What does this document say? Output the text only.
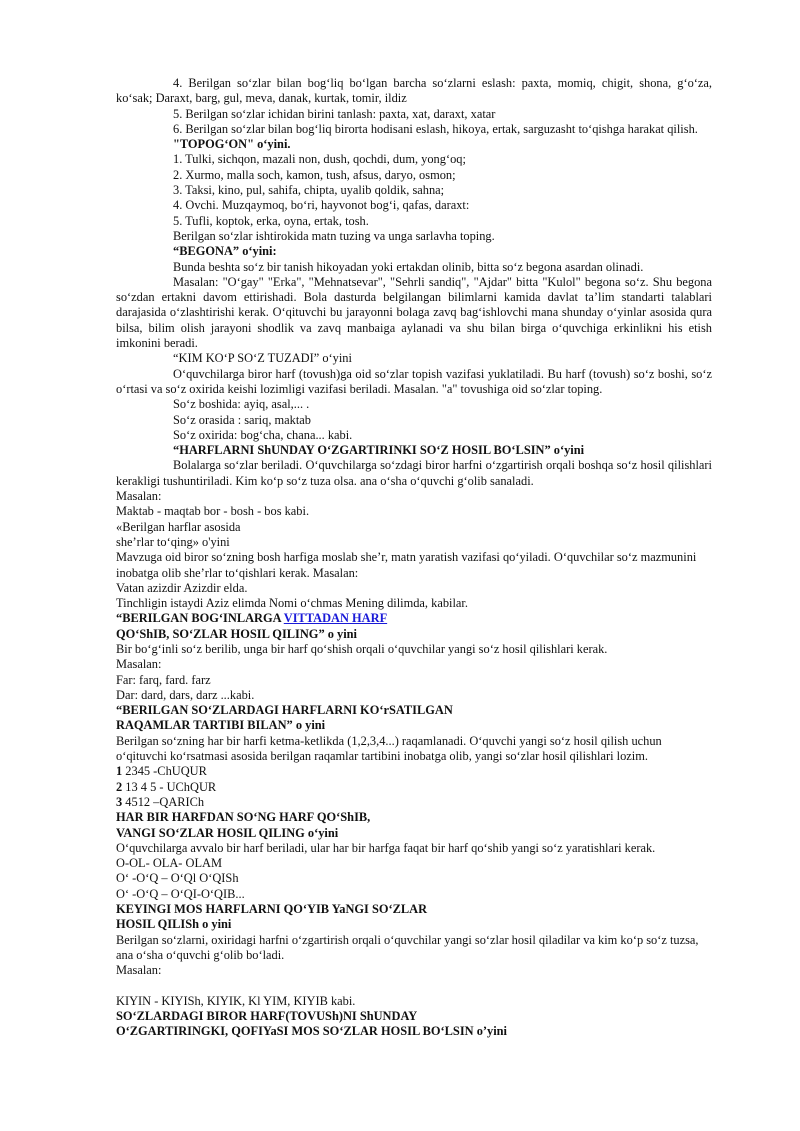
4. Berilgan so‘zlar bilan bog‘liq bo‘lgan barcha so‘zlarni eslash: paxta, momiq, chigit, shona, g‘o‘za, ko‘sak; Daraxt, barg, gul, meva, danak, kurtak, tomir, ildiz

5. Berilgan so‘zlar ichidan birini tanlash: paxta, xat, daraxt, xatar

6. Berilgan so‘zlar bilan bog‘liq birorta hodisani eslash, hikoya, ertak, sarguzasht to‘qishga harakat qilish.

"TOPOG‘ON" o‘yini.

1. Tulki, sichqon, mazali non, dush, qochdi, dum, yong‘oq;

2. Xurmo, malla soch, kamon, tush, afsus, daryo, osmon;

3. Taksi, kino, pul, sahifa, chipta, uyalib qoldik, sahna;

4. Ovchi. Muzqaymoq, bo‘ri, hayvonot bog‘i, qafas, daraxt:

5. Tufli, koptok, erka, oyna, ertak, tosh.

Berilgan so‘zlar ishtirokida matn tuzing va unga sarlavha toping.

“BEGONA” o‘yini:

Bunda beshta so‘z bir tanish hikoyadan yoki ertakdan olinib, bitta so‘z begona asardan olinadi.

Masalan: "O‘gay" "Erka", "Mehnatsevar", "Sehrli sandiq", "Ajdar" bitta "Kulol" begona so‘z. Shu begona so‘zdan ertakni davom ettirishadi. Bola dasturda belgilangan bilimlarni kamida davlat ta’lim standarti talablari darajasida o‘zlashtirishi kerak. O‘qituvchi bu jarayonni bolaga zavq bag‘ishlovchi mana shunday o‘yinlar asosida qura bilsa, bilim olish jarayoni shodlik va zavq manbaiga aylanadi va shu bilan birga o‘quvchiga erkinlikni his etish imkonini beradi.

“KIM KO‘P SO‘Z TUZADI” o‘yini

O‘quvchilarga biror harf (tovush)ga oid so‘zlar topish vazifasi yuklatiladi. Bu harf (tovush) so‘z boshi, so‘z o‘rtasi va so‘z oxirida keishi lozimligi vazifasi beriladi. Masalan. "a" tovushiga oid so‘zlar toping.

So‘z boshida: ayiq, asal,... .

So‘z orasida : sariq, maktab

So‘z oxirida: bog‘cha, chana... kabi.

“HARFLARNI ShUNDAY O‘ZGARTIRINKI SO‘Z HOSIL BO‘LSIN” o‘yini

Bolalarga so‘zlar beriladi. O‘quvchilarga so‘zdagi biror harfni o‘zgartirish orqali boshqa so‘z hosil qilishlari kerakligi tushuntiriladi. Kim ko‘p so‘z tuza olsa. ana o‘sha o‘quvchi g‘olib sanaladi.

Masalan:

Maktab - maqtab bor - bosh - bos kabi.

«Berilgan harflar asosida

she’rlar to‘qing» o'yini

Mavzuga oid biror so‘zning bosh harfiga moslab she’r, matn yaratish vazifasi qo‘yiladi. O‘quvchilar so‘z mazmunini inobatga olib she’rlar to‘qishlari kerak. Masalan:

Vatan azizdir Azizdir elda.

Tinchligin istaydi Aziz elimda Nomi o‘chmas Mening dilimda, kabilar.

“BERILGAN BOG‘INLARGA VITTADAN HARF

QO‘ShIB, SO‘ZLAR HOSIL QILING” o yini

Bir bo‘g‘inli so‘z berilib, unga bir harf qo‘shish orqali o‘quvchilar yangi so‘z hosil qilishlari kerak.

Masalan:

Far: farq, fard. farz

Dar: dard, dars, darz ...kabi.

“BERILGAN SO‘ZLARDAGI HARFLARNI KO‘rSATILGAN

RAQAMLAR TARTIBI BILAN” o yini

Berilgan so‘zning har bir harfi ketma-ketlikda (1,2,3,4...) raqamlanadi. O‘quvchi yangi so‘z hosil qilish uchun o‘qituvchi ko‘rsatmasi asosida berilgan raqamlar tartibini inobatga olib, yangi so‘zlar hosil qilishlari lozim.

1 2345 -ChUQUR

2 13 4 5 - UChQUR

3 4512 –QARICh

HAR BIR HARFDAN SO‘NG HARF QO‘ShIB,

VANGI SO‘ZLAR HOSIL QILING o‘yini

O‘quvchilarga avvalo bir harf beriladi, ular har bir harfga faqat bir harf qo‘shib yangi so‘z yaratishlari kerak.

O-OL- OLA- OLAM

O‘ -O‘Q – O‘Ql O‘QISh

O‘ -O‘Q – O‘QI-O‘QIB...

KEYINGI MOS HARFLARNI QO‘YIB YaNGI SO‘ZLAR

HOSIL QILISh o yini

Berilgan so‘zlarni, oxiridagi harfni o‘zgartirish orqali o‘quvchilar yangi so‘zlar hosil qiladilar va kim ko‘p so‘z tuzsa, ana o‘sha o‘quvchi g‘olib bo‘ladi.

Masalan:

KIYIN - KIYISh, KIYIK, Kl YIM, KIYIB kabi.

SO‘ZLARDAGI BIROR HARF(TOVUSh)NI ShUNDAY

O‘ZGARTIRINGKI, QOFIYaSI MOS SO‘ZLAR HOSIL BO‘LSIN o’yini
